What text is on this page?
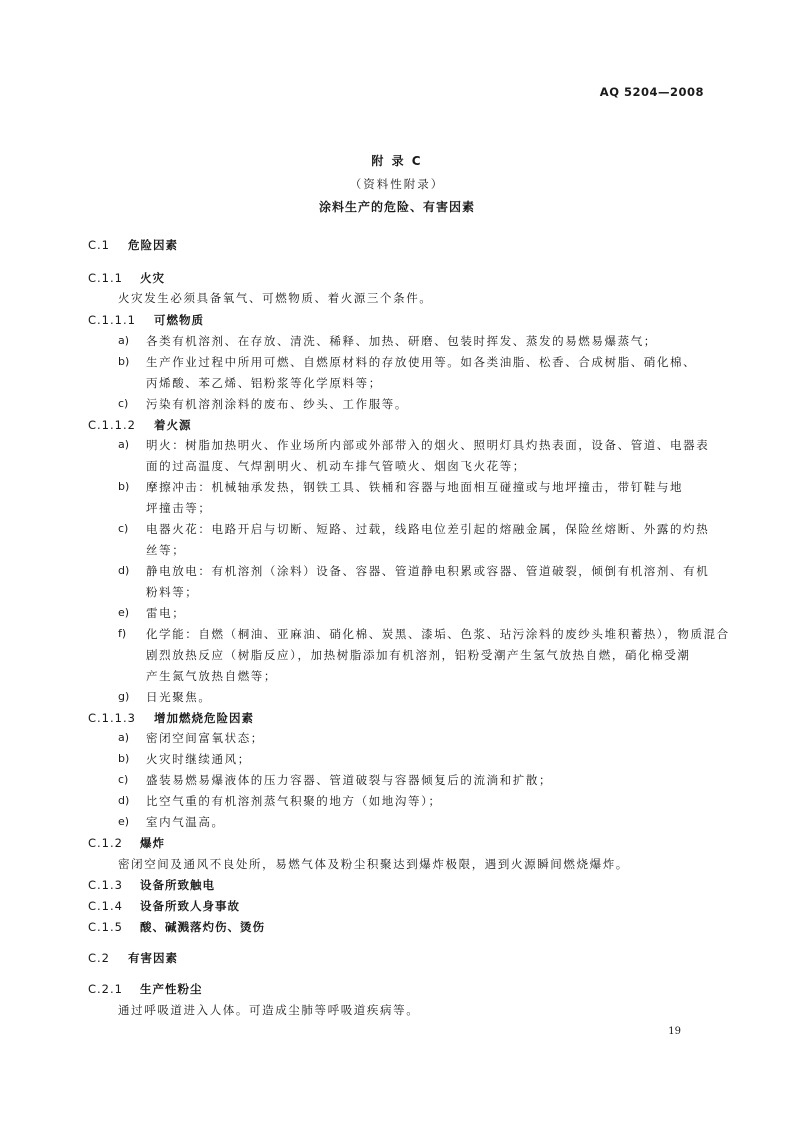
AQ 5204—2008
附 录 C
（资料性附录）
涂料生产的危险、有害因素
C.1 危险因素
C.1.1 火灾
火灾发生必须具备氧气、可燃物质、着火源三个条件。
C.1.1.1 可燃物质
a) 各类有机溶剂、在存放、清洗、稀释、加热、研磨、包装时挥发、蒸发的易燃易爆蒸气；
b) 生产作业过程中所用可燃、自燃原材料的存放使用等。如各类油脂、松香、合成树脂、硝化棉、
丙烯酸、苯乙烯、铝粉浆等化学原料等；
c) 污染有机溶剂涂料的废布、纱头、工作服等。
C.1.1.2 着火源
a) 明火：树脂加热明火、作业场所内部或外部带入的烟火、照明灯具灼热表面，设备、管道、电器表
面的过高温度、气焊割明火、机动车排气管喷火、烟囱飞火花等；
b) 摩擦冲击：机械轴承发热，钢铁工具、铁桶和容器与地面相互碰撞或与地坪撞击，带钉鞋与地
坪撞击等；
c) 电器火花：电路开启与切断、短路、过载，线路电位差引起的熔融金属，保险丝熔断、外露的灼热
丝等；
d) 静电放电：有机溶剂（涂料）设备、容器、管道静电积累或容器、管道破裂，倾倒有机溶剂、有机
粉料等；
e) 雷电；
f) 化学能：自燃（桐油、亚麻油、硝化棉、炭黑、漆垢、色浆、玷污涂料的废纱头堆积蓄热），物质混合
剧烈放热反应（树脂反应），加热树脂添加有机溶剂，铝粉受潮产生氢气放热自燃，硝化棉受潮
产生氮气放热自燃等；
g) 日光聚焦。
C.1.1.3 增加燃烧危险因素
a) 密闭空间富氧状态；
b) 火灾时继续通风；
c) 盛装易燃易爆液体的压力容器、管道破裂与容器倾复后的流淌和扩散；
d) 比空气重的有机溶剂蒸气积聚的地方（如地沟等）；
e) 室内气温高。
C.1.2 爆炸
密闭空间及通风不良处所，易燃气体及粉尘积聚达到爆炸极限，遇到火源瞬间燃烧爆炸。
C.1.3 设备所致触电
C.1.4 设备所致人身事故
C.1.5 酸、碱溅落灼伤、烫伤
C.2 有害因素
C.2.1 生产性粉尘
通过呼吸道进入人体。可造成尘肺等呼吸道疾病等。
19
